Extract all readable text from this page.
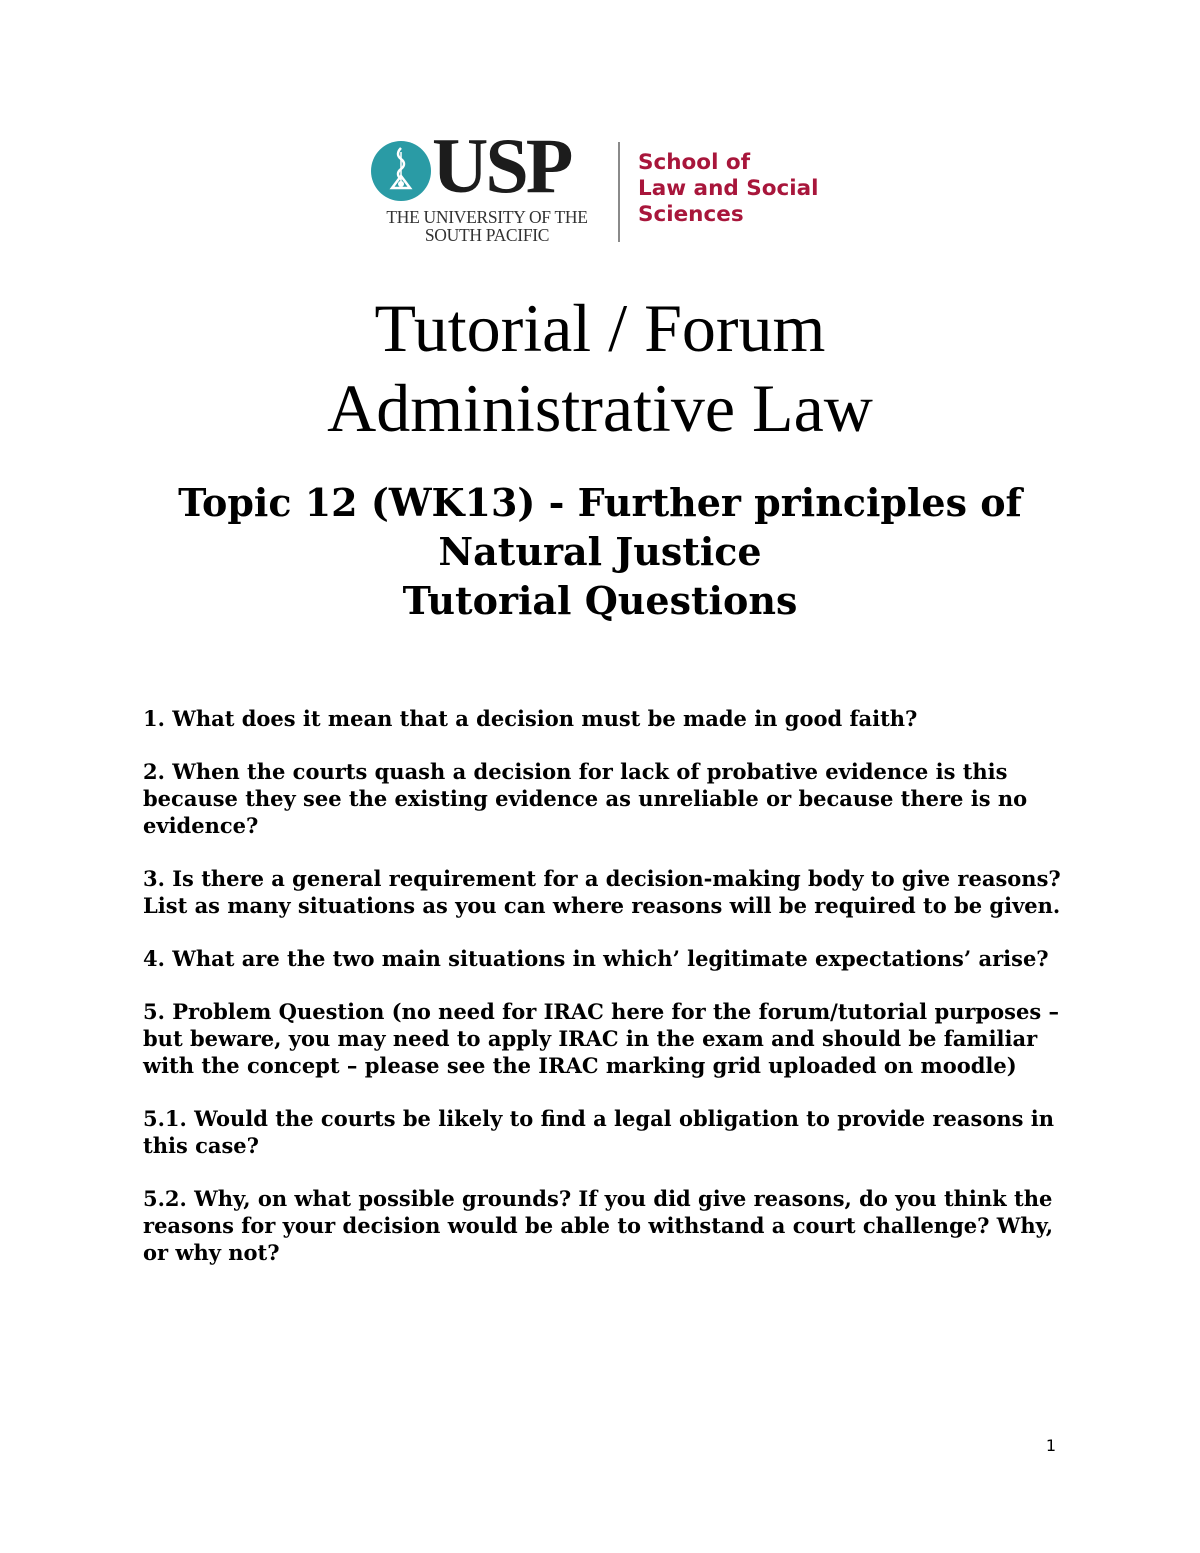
USP
THE UNIVERSITY OF THE
SOUTH PACIFIC
School of
Law and Social
Sciences
Tutorial / Forum
Administrative Law
Topic 12 (WK13) - Further principles of
Natural Justice
Tutorial Questions

1. What does it mean that a decision must be made in good faith?

2. When the courts quash a decision for lack of probative evidence is this because they see the existing evidence as unreliable or because there is no evidence?

3. Is there a general requirement for a decision-making body to give reasons? List as many situations as you can where reasons will be required to be given.

4. What are the two main situations in which’ legitimate expectations’ arise?

5. Problem Question (no need for IRAC here for the forum/tutorial purposes – but beware, you may need to apply IRAC in the exam and should be familiar with the concept – please see the IRAC marking grid uploaded on moodle)

5.1. Would the courts be likely to find a legal obligation to provide reasons in this case?

5.2. Why, on what possible grounds? If you did give reasons, do you think the reasons for your decision would be able to withstand a court challenge? Why, or why not?

1
